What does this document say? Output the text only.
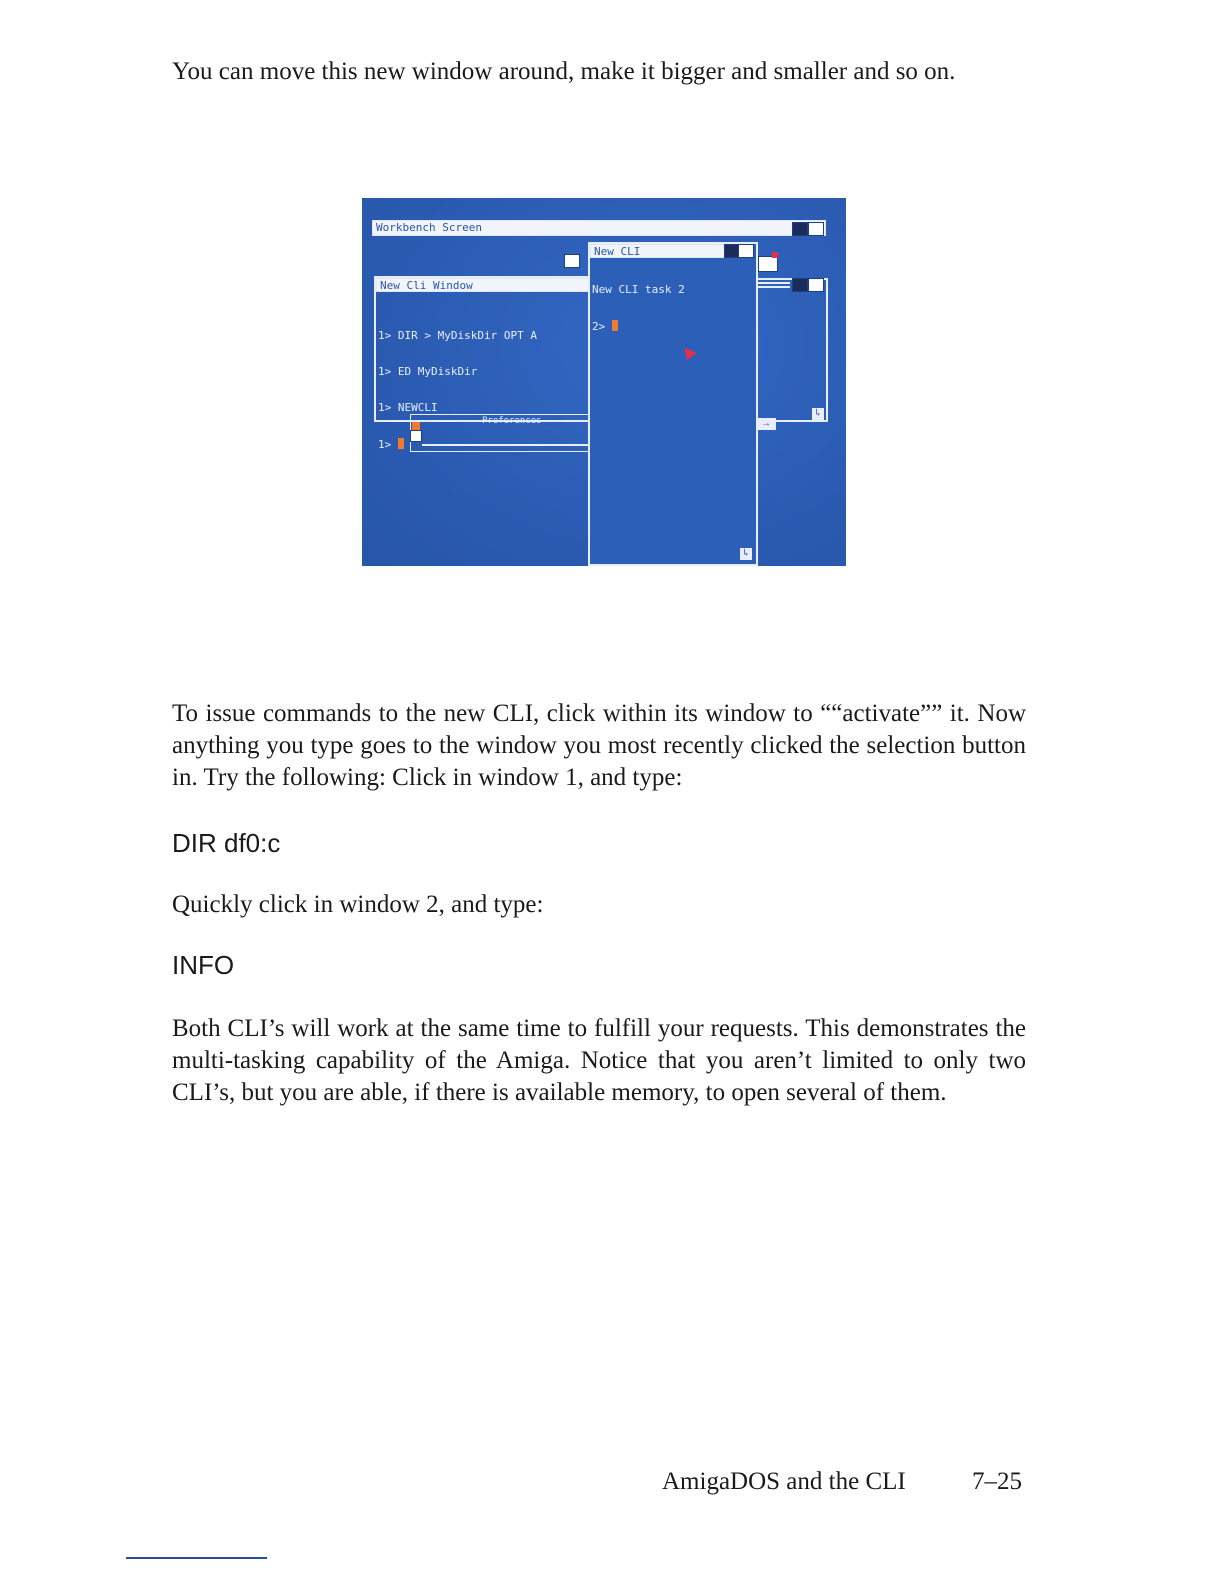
You can move this new window around, make it bigger and smaller and so on.

Workbench Screen
↳
→
Preferences
New Cli Window

1> DIR > MyDiskDir OPT A

1> ED MyDiskDir

1> NEWCLI

1>

New CLI

New CLI task 2

2>

↳

To issue commands to the new CLI, click within its window to ““activate”” it. Now anything you type goes to the window you most recently clicked the selection button in. Try the following: Click in window 1, and type:

DIR df0:c

Quickly click in window 2, and type:

INFO

Both CLI’s will work at the same time to fulfill your requests. This demonstrates the multi-tasking capability of the Amiga. Notice that you aren’t limited to only two CLI’s, but you are able, if there is available memory, to open several of them.

AmigaDOS and the CLI	7–25
